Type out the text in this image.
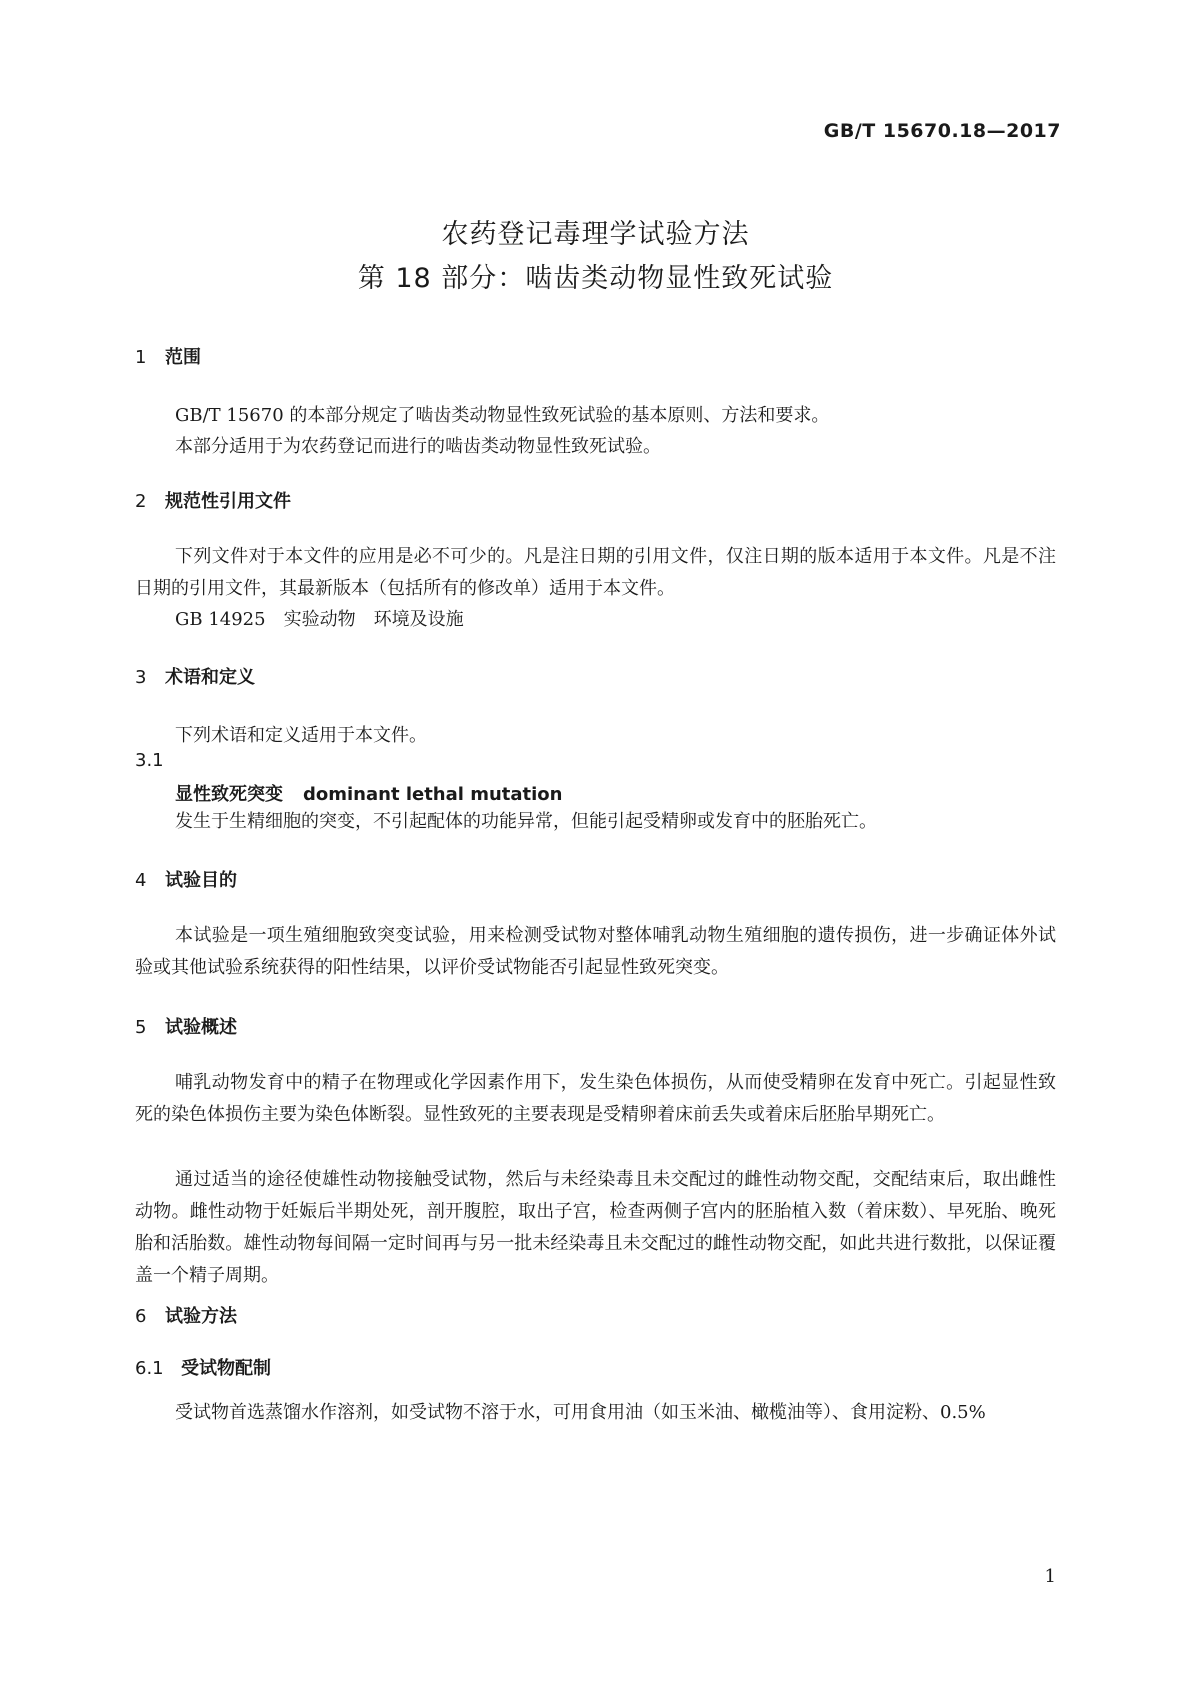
GB/T 15670.18—2017
农药登记毒理学试验方法
第 18 部分：啮齿类动物显性致死试验
1 范围
GB/T 15670 的本部分规定了啮齿类动物显性致死试验的基本原则、方法和要求。
本部分适用于为农药登记而进行的啮齿类动物显性致死试验。
2 规范性引用文件
下列文件对于本文件的应用是必不可少的。凡是注日期的引用文件，仅注日期的版本适用于本文件。凡是不注日期的引用文件，其最新版本（包括所有的修改单）适用于本文件。
GB 14925　实验动物　环境及设施
3 术语和定义
下列术语和定义适用于本文件。
3.1
显性致死突变 dominant lethal mutation
发生于生精细胞的突变，不引起配体的功能异常，但能引起受精卵或发育中的胚胎死亡。
4 试验目的
本试验是一项生殖细胞致突变试验，用来检测受试物对整体哺乳动物生殖细胞的遗传损伤，进一步确证体外试验或其他试验系统获得的阳性结果，以评价受试物能否引起显性致死突变。
5 试验概述
哺乳动物发育中的精子在物理或化学因素作用下，发生染色体损伤，从而使受精卵在发育中死亡。引起显性致死的染色体损伤主要为染色体断裂。显性致死的主要表现是受精卵着床前丢失或着床后胚胎早期死亡。
通过适当的途径使雄性动物接触受试物，然后与未经染毒且未交配过的雌性动物交配，交配结束后，取出雌性动物。雌性动物于妊娠后半期处死，剖开腹腔，取出子宫，检查两侧子宫内的胚胎植入数（着床数）、早死胎、晚死胎和活胎数。雄性动物每间隔一定时间再与另一批未经染毒且未交配过的雌性动物交配，如此共进行数批，以保证覆盖一个精子周期。
6 试验方法
6.1 受试物配制
受试物首选蒸馏水作溶剂，如受试物不溶于水，可用食用油（如玉米油、橄榄油等）、食用淀粉、0.5%
1
